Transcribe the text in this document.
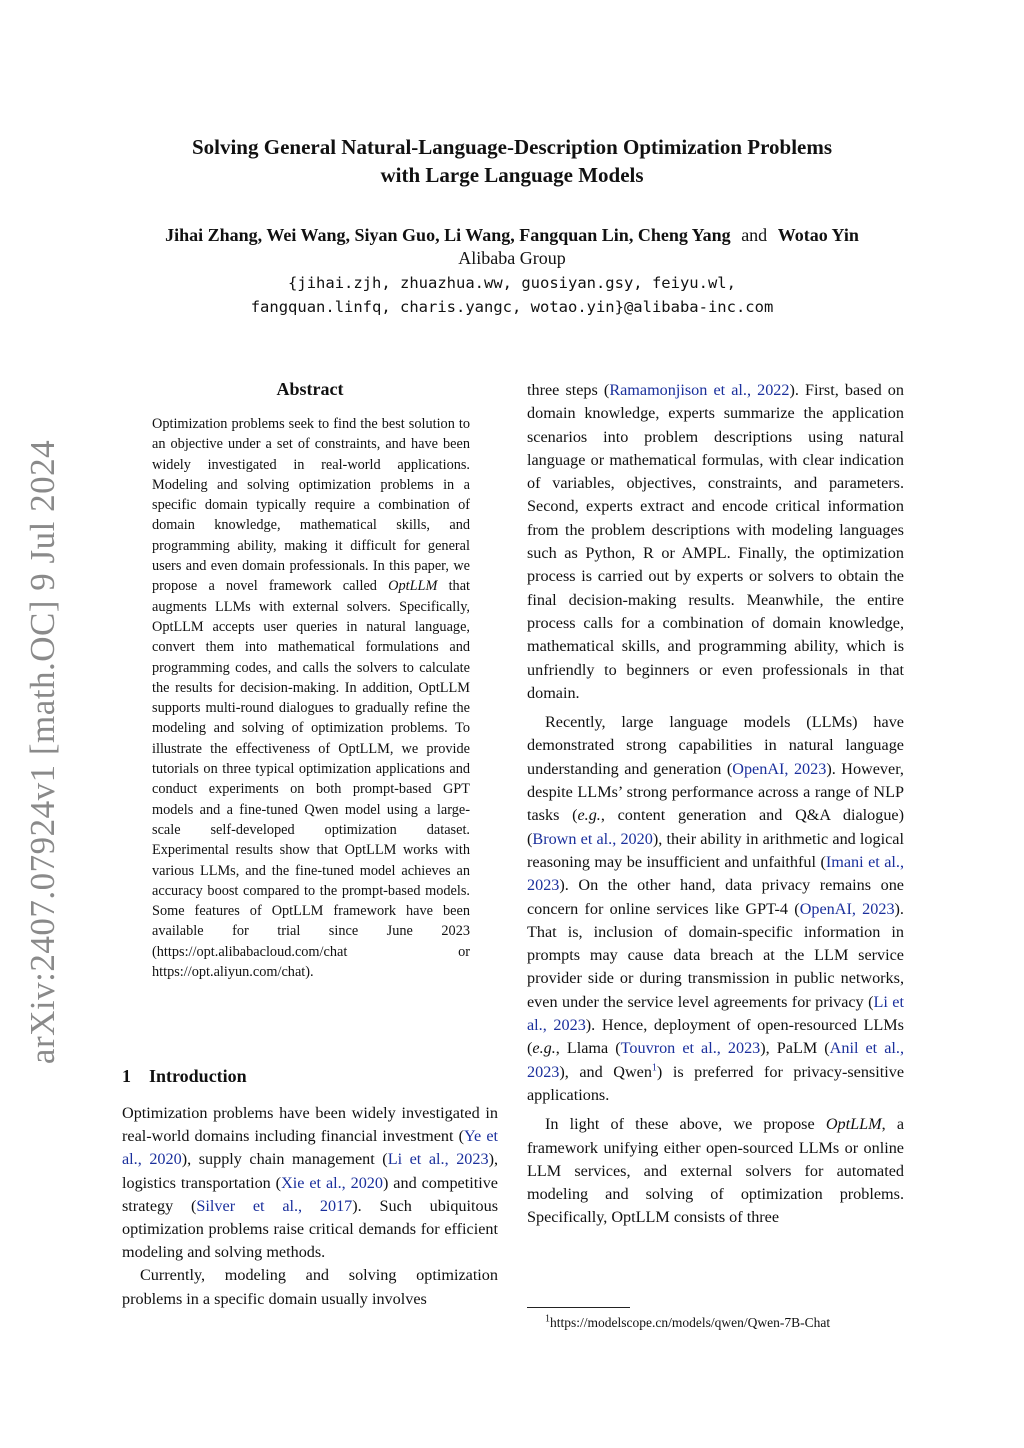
arXiv:2407.07924v1 [math.OC] 9 Jul 2024
Solving General Natural-Language-Description Optimization Problems
with Large Language Models
Jihai Zhang, Wei Wang, Siyan Guo, Li Wang, Fangquan Lin, Cheng Yang and Wotao Yin
Alibaba Group
{jihai.zjh, zhuazhua.ww, guosiyan.gsy, feiyu.wl,
fangquan.linfq, charis.yangc, wotao.yin}@alibaba-inc.com
Abstract

Optimization problems seek to find the best solution to an objective under a set of constraints, and have been widely investigated in real-world applications. Modeling and solving optimization problems in a specific domain typically require a combination of domain knowledge, mathematical skills, and programming ability, making it difficult for general users and even domain professionals. In this paper, we propose a novel framework called OptLLM that augments LLMs with external solvers. Specifically, OptLLM accepts user queries in natural language, convert them into mathematical formulations and programming codes, and calls the solvers to calculate the results for decision-making. In addition, OptLLM supports multi-round dialogues to gradually refine the modeling and solving of optimization problems. To illustrate the effectiveness of OptLLM, we provide tutorials on three typical optimization applications and conduct experiments on both prompt-based GPT models and a fine-tuned Qwen model using a large-scale self-developed optimization dataset. Experimental results show that OptLLM works with various LLMs, and the fine-tuned model achieves an accuracy boost compared to the prompt-based models. Some features of OptLLM framework have been available for trial since June 2023 (https://opt.alibabacloud.com/chat or https://opt.aliyun.com/chat).

1 Introduction

Optimization problems have been widely investigated in real-world domains including financial investment (Ye et al., 2020), supply chain management (Li et al., 2023), logistics transportation (Xie et al., 2020) and competitive strategy (Silver et al., 2017). Such ubiquitous optimization problems raise critical demands for efficient modeling and solving methods.

Currently, modeling and solving optimization problems in a specific domain usually involves

three steps (Ramamonjison et al., 2022). First, based on domain knowledge, experts summarize the application scenarios into problem descriptions using natural language or mathematical formulas, with clear indication of variables, objectives, constraints, and parameters. Second, experts extract and encode critical information from the problem descriptions with modeling languages such as Python, R or AMPL. Finally, the optimization process is carried out by experts or solvers to obtain the final decision-making results. Meanwhile, the entire process calls for a combination of domain knowledge, mathematical skills, and programming ability, which is unfriendly to beginners or even professionals in that domain.

Recently, large language models (LLMs) have demonstrated strong capabilities in natural language understanding and generation (OpenAI, 2023). However, despite LLMs’ strong performance across a range of NLP tasks (e.g., content generation and Q&A dialogue) (Brown et al., 2020), their ability in arithmetic and logical reasoning may be insufficient and unfaithful (Imani et al., 2023). On the other hand, data privacy remains one concern for online services like GPT-4 (OpenAI, 2023). That is, inclusion of domain-specific information in prompts may cause data breach at the LLM service provider side or during transmission in public networks, even under the service level agreements for privacy (Li et al., 2023). Hence, deployment of open-resourced LLMs (e.g., Llama (Touvron et al., 2023), PaLM (Anil et al., 2023), and Qwen$^1$) is preferred for privacy-sensitive applications.

In light of these above, we propose OptLLM, a framework unifying either open-sourced LLMs or online LLM services, and external solvers for automated modeling and solving of optimization problems. Specifically, OptLLM consists of three

$^1$https://modelscope.cn/models/qwen/Qwen-7B-Chat
